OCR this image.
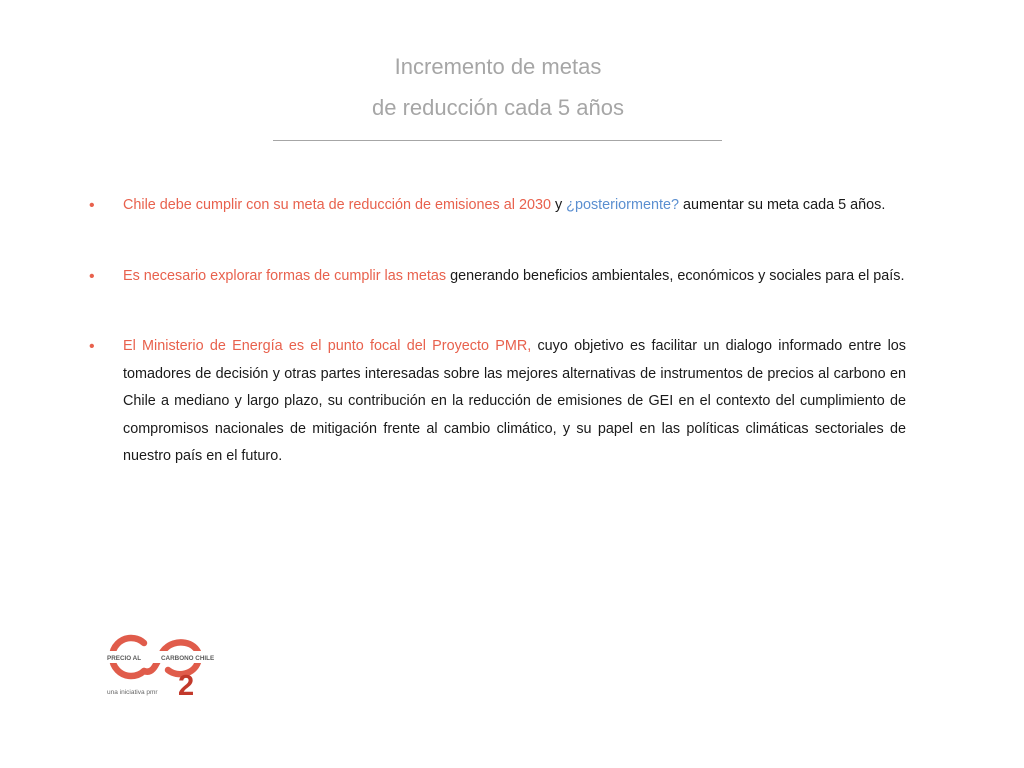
Incremento de metas
de reducción cada 5 años
• Chile debe cumplir con su meta de reducción de emisiones al 2030 y ¿posteriormente? aumentar su meta cada 5 años.
• Es necesario explorar formas de cumplir las metas generando beneficios ambientales, económicos y sociales para el país.
• El Ministerio de Energía es el punto focal del Proyecto PMR, cuyo objetivo es facilitar un dialogo informado entre los tomadores de decisión y otras partes interesadas sobre las mejores alternativas de instrumentos de precios al carbono en Chile a mediano y largo plazo, su contribución en la reducción de emisiones de GEI en el contexto del cumplimiento de compromisos nacionales de mitigación frente al cambio climático, y su papel en las políticas climáticas sectoriales de nuestro país en el futuro.
PRECIO AL	CARBONO CHILE
2
una iniciativa pmr
